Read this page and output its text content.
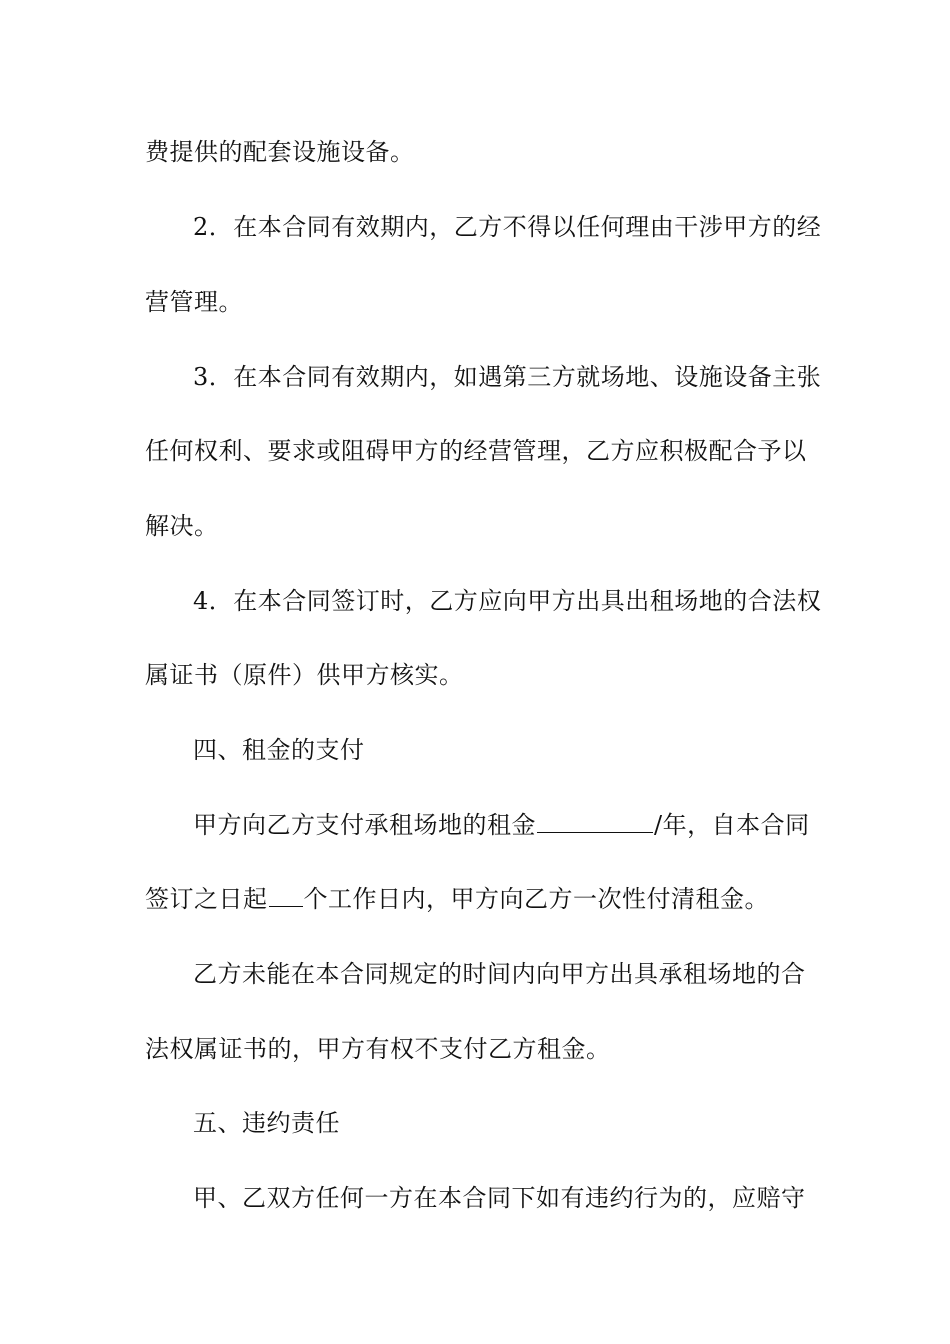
费提供的配套设施设备。
2．在本合同有效期内，乙方不得以任何理由干涉甲方的经
营管理。
3．在本合同有效期内，如遇第三方就场地、设施设备主张
任何权利、要求或阻碍甲方的经营管理，乙方应积极配合予以
解决。
4．在本合同签订时，乙方应向甲方出具出租场地的合法权
属证书（原件）供甲方核实。
四、租金的支付
甲方向乙方支付承租场地的租金	/年，自本合同
签订之日起 个工作日内，甲方向乙方一次性付清租金。
乙方未能在本合同规定的时间内向甲方出具承租场地的合
法权属证书的，甲方有权不支付乙方租金。
五、违约责任
甲、乙双方任何一方在本合同下如有违约行为的，应赔守
